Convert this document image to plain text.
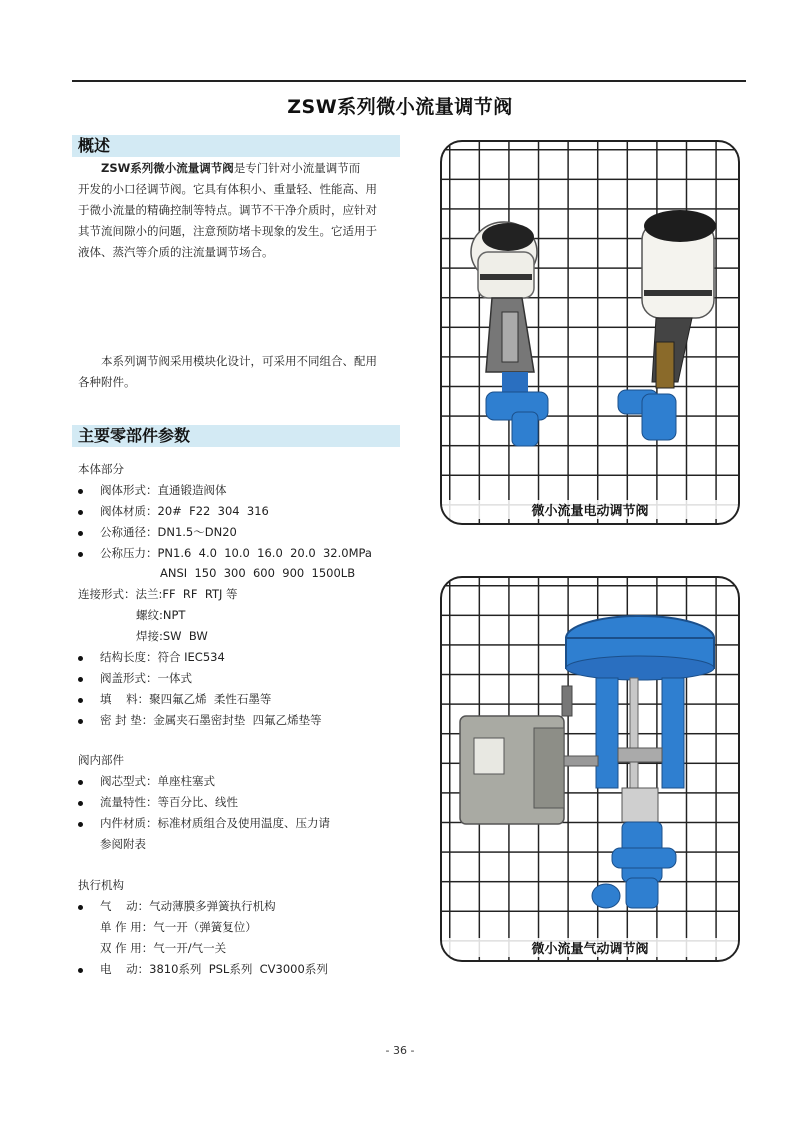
ZSW系列微小流量调节阀
概述
ZSW系列微小流量调节阀是专门针对小流量调节而
开发的小口径调节阀。它具有体积小、重量轻、性能高、用
于微小流量的精确控制等特点。调节不干净介质时，应针对
其节流间隙小的问题，注意预防堵卡现象的发生。它适用于
液体、蒸汽等介质的注流量调节场合。
本系列调节阀采用模块化设计，可采用不同组合、配用
各种附件。
主要零部件参数
本体部分
阀体形式：直通锻造阀体
阀体材质：20#  F22  304  316
公称通径：DN1.5～DN20
公称压力：PN1.6  4.0  10.0  16.0  20.0  32.0MPa
ANSI  150  300  600  900  1500LB
连接形式：法兰:FF  RF  RTJ 等
螺纹:NPT
焊接:SW  BW
结构长度：符合 IEC534
阀盖形式：一体式
填    料：聚四氟乙烯  柔性石墨等
密 封 垫：金属夹石墨密封垫  四氟乙烯垫等
阀内部件
阀芯型式：单座柱塞式
流量特性：等百分比、线性
内件材质：标准材质组合及使用温度、压力请
参阅附表
执行机构
气    动：气动薄膜多弹簧执行机构
单 作 用：气一开（弹簧复位）
双 作 用：气一开/气一关
电    动：3810系列  PSL系列  CV3000系列
微小流量电动调节阀
微小流量气动调节阀
- 36 -
